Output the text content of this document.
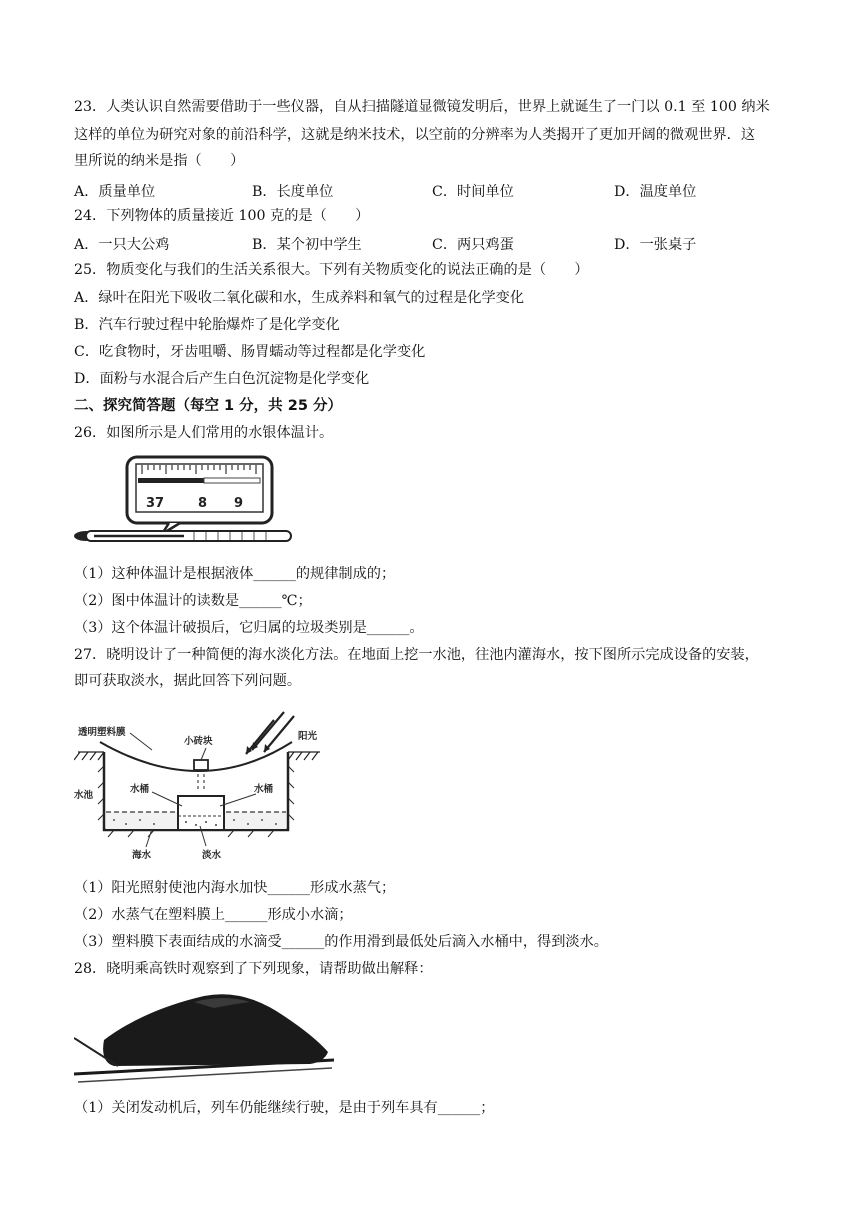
23．人类认识自然需要借助于一些仪器，自从扫描隧道显微镜发明后，世界上就诞生了一门以 0.1 至 100 纳米
这样的单位为研究对象的前沿科学，这就是纳米技术，以空前的分辨率为人类揭开了更加开阔的微观世界．这
里所说的纳米是指（　　）
A．质量单位	B．长度单位	C．时间单位	D．温度单位
24．下列物体的质量接近 100 克的是（　　）
A．一只大公鸡	B．某个初中学生	C．两只鸡蛋	D．一张桌子
25．物质变化与我们的生活关系很大。下列有关物质变化的说法正确的是（　　）
A．绿叶在阳光下吸收二氧化碳和水，生成养料和氧气的过程是化学变化
B．汽车行驶过程中轮胎爆炸了是化学变化
C．吃食物时，牙齿咀嚼、肠胃蠕动等过程都是化学变化
D．面粉与水混合后产生白色沉淀物是化学变化
二、探究简答题（每空 1 分，共 25 分）
26．如图所示是人们常用的水银体温计。
37	8 9
（1）这种体温计是根据液体______的规律制成的；
（2）图中体温计的读数是______℃；
（3）这个体温计破损后，它归属的垃圾类别是______。
27．晓明设计了一种简便的海水淡化方法。在地面上挖一水池，往池内灌海水，按下图所示完成设备的安装，
即可获取淡水，据此回答下列问题。
透明塑料膜
小砖块	阳光
水池
水桶	水桶
海水	淡水
（1）阳光照射使池内海水加快______形成水蒸气；
（2）水蒸气在塑料膜上______形成小水滴；
（3）塑料膜下表面结成的水滴受______的作用滑到最低处后滴入水桶中，得到淡水。
28．晓明乘高铁时观察到了下列现象，请帮助做出解释：
（1）关闭发动机后，列车仍能继续行驶，是由于列车具有______；
